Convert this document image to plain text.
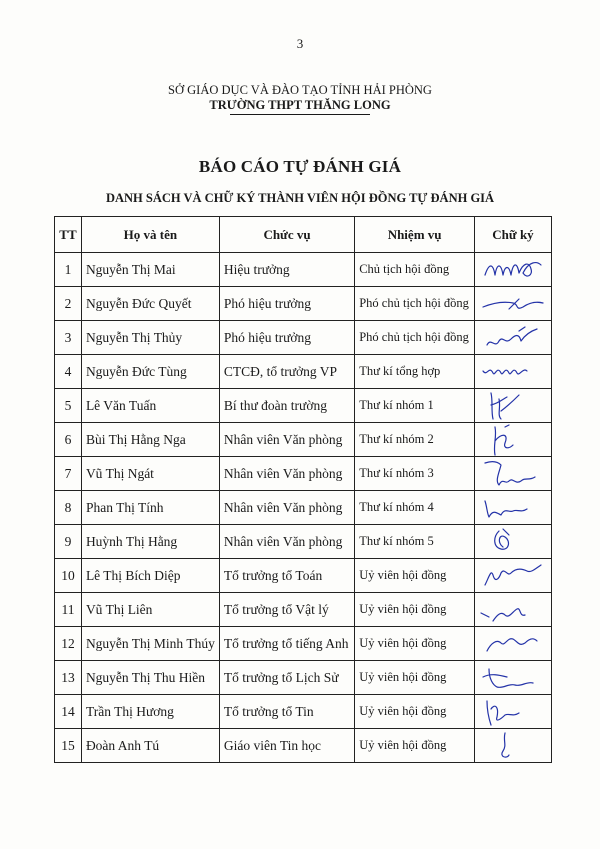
3
SỞ GIÁO DỤC VÀ ĐÀO TẠO TỈNH HẢI PHÒNG
TRƯỜNG THPT THĂNG LONG
BÁO CÁO TỰ ĐÁNH GIÁ
DANH SÁCH VÀ CHỮ KÝ THÀNH VIÊN HỘI ĐỒNG TỰ ĐÁNH GIÁ
TT	Họ và tên	Chức vụ	Nhiệm vụ	Chữ ký
1	Nguyễn Thị Mai	Hiệu trưởng	Chủ tịch hội đồng	

2	Nguyễn Đức Quyết	Phó hiệu trưởng	Phó chủ tịch hội đồng	

3	Nguyễn Thị Thủy	Phó hiệu trưởng	Phó chủ tịch hội đồng	

4	Nguyễn Đức Tùng	CTCĐ, tổ trưởng VP	Thư kí tổng hợp	

5	Lê Văn Tuấn	Bí thư đoàn trường	Thư kí nhóm 1	

6	Bùi Thị Hằng Nga	Nhân viên Văn phòng	Thư kí nhóm 2	

7	Vũ Thị Ngát	Nhân viên Văn phòng	Thư kí nhóm 3	

8	Phan Thị Tính	Nhân viên Văn phòng	Thư kí nhóm 4	

9	Huỳnh Thị Hằng	Nhân viên Văn phòng	Thư kí nhóm 5	

10	Lê Thị Bích Diệp	Tổ trưởng tổ Toán	Uỷ viên hội đồng	

11	Vũ Thị Liên	Tổ trưởng tổ Vật lý	Uỷ viên hội đồng	

12	Nguyễn Thị Minh Thúy	Tổ trưởng tổ tiếng Anh	Uỷ viên hội đồng	

13	Nguyễn Thị Thu Hiền	Tổ trưởng tổ Lịch Sử	Uỷ viên hội đồng	

14	Trần Thị Hương	Tổ trưởng tổ Tin	Uỷ viên hội đồng	

15	Đoàn Anh Tú	Giáo viên Tin học	Uỷ viên hội đồng	
